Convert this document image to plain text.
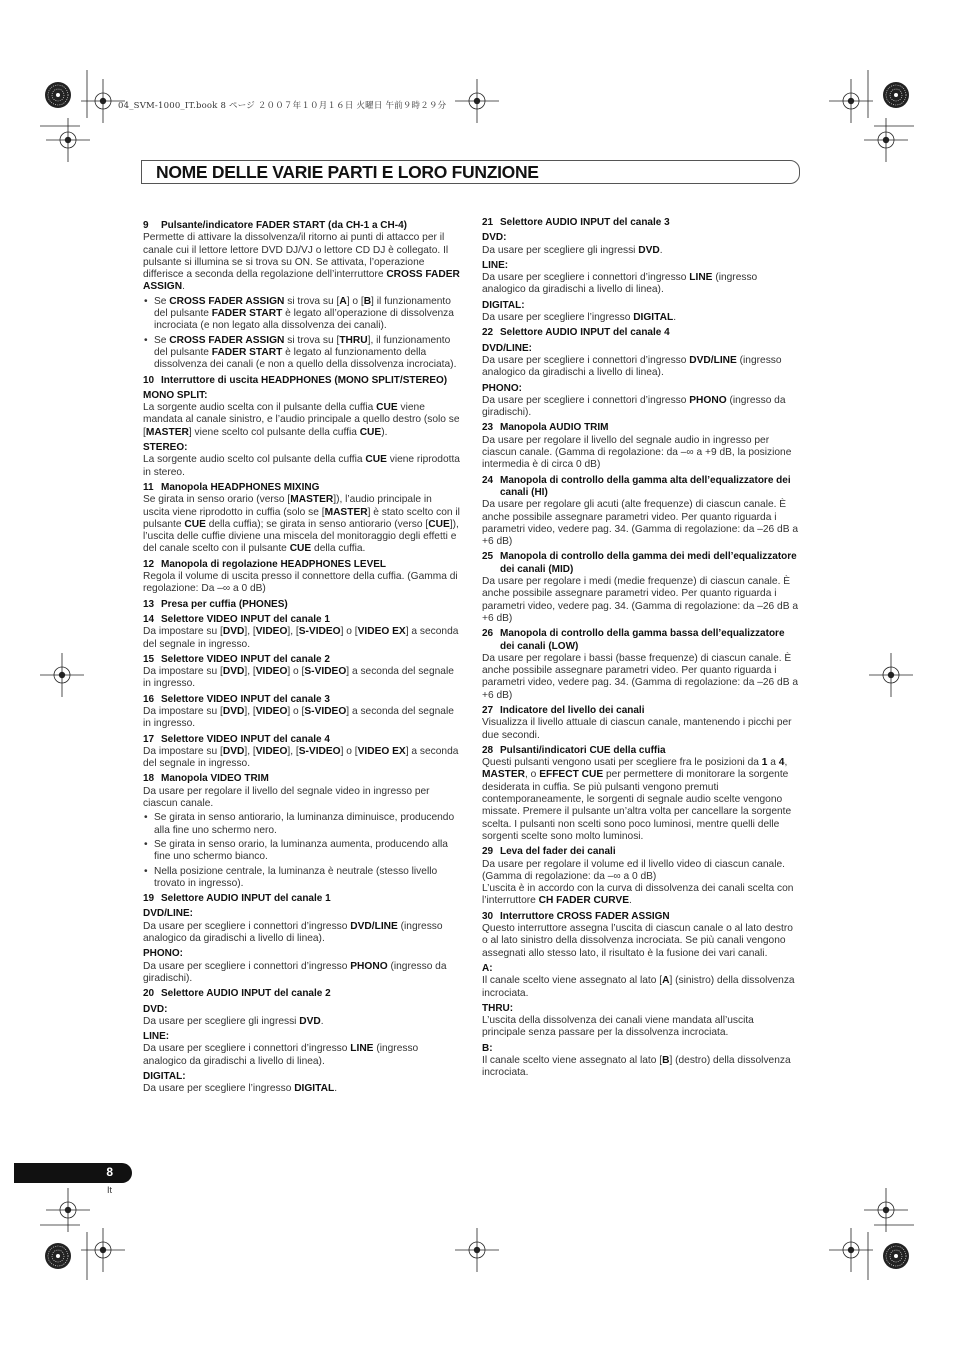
04_SVM-1000_IT.book 8 ページ ２００７年１０月１６日 火曜日 午前９時２９分
NOME DELLE VARIE PARTI E LORO FUNZIONE
9 Pulsante/indicatore FADER START (da CH-1 a CH-4)

Permette di attivare la dissolvenza/il ritorno ai punti di attacco per il canale cui il lettore lettore DVD DJ/VJ o lettore CD DJ è collegato. Il pulsante si illumina se si trova su ON. Se attivata, l’operazione differisce a seconda della regolazione dell’interruttore CROSS FADER ASSIGN.

• Se CROSS FADER ASSIGN si trova su [A] o [B] il funzionamento del pulsante FADER START è legato all’operazione di dissolvenza incrociata (e non legato alla dissolvenza dei canali).
• Se CROSS FADER ASSIGN si trova su [THRU], il funzionamento del pulsante FADER START è legato al funzionamento della dissolvenza dei canali (e non a quello della dissolvenza incrociata).
10 Interruttore di uscita HEADPHONES (MONO SPLIT/STEREO)
MONO SPLIT:

La sorgente audio scelta con il pulsante della cuffia CUE viene mandata al canale sinistro, e l’audio principale a quello destro (solo se [MASTER] viene scelto col pulsante della cuffia CUE).

STEREO:

La sorgente audio scelto col pulsante della cuffia CUE viene riprodotta in stereo.

11 Manopola HEADPHONES MIXING

Se girata in senso orario (verso [MASTER]), l’audio principale in uscita viene riprodotto in cuffia (solo se [MASTER] è stato scelto con il pulsante CUE della cuffia); se girata in senso antiorario (verso [CUE]), l’uscita delle cuffie diviene una miscela del monitoraggio degli effetti e del canale scelto con il pulsante CUE della cuffia.

12 Manopola di regolazione HEADPHONES LEVEL

Regola il volume di uscita presso il connettore della cuffia. (Gamma di regolazione: Da –∞ a 0 dB)

13 Presa per cuffia (PHONES)
14 Selettore VIDEO INPUT del canale 1

Da impostare su [DVD], [VIDEO], [S-VIDEO] o [VIDEO EX] a seconda del segnale in ingresso.

15 Selettore VIDEO INPUT del canale 2

Da impostare su [DVD], [VIDEO] o [S-VIDEO] a seconda del segnale in ingresso.

16 Selettore VIDEO INPUT del canale 3

Da impostare su [DVD], [VIDEO] o [S-VIDEO] a seconda del segnale in ingresso.

17 Selettore VIDEO INPUT del canale 4

Da impostare su [DVD], [VIDEO], [S-VIDEO] o [VIDEO EX] a seconda del segnale in ingresso.

18 Manopola VIDEO TRIM

Da usare per regolare il livello del segnale video in ingresso per ciascun canale.

• Se girata in senso antiorario, la luminanza diminuisce, producendo alla fine uno schermo nero.
• Se girata in senso orario, la luminanza aumenta, producendo alla fine uno schermo bianco.
• Nella posizione centrale, la luminanza è neutrale (stesso livello trovato in ingresso).
19 Selettore AUDIO INPUT del canale 1
DVD/LINE:

Da usare per scegliere i connettori d’ingresso DVD/LINE (ingresso analogico da giradischi a livello di linea).

PHONO:

Da usare per scegliere i connettori d’ingresso PHONO (ingresso da giradischi).

20 Selettore AUDIO INPUT del canale 2
DVD:

Da usare per scegliere gli ingressi DVD.

LINE:

Da usare per scegliere i connettori d’ingresso LINE (ingresso analogico da giradischi a livello di linea).

DIGITAL:

Da usare per scegliere l’ingresso DIGITAL.

21 Selettore AUDIO INPUT del canale 3
DVD:

Da usare per scegliere gli ingressi DVD.

LINE:

Da usare per scegliere i connettori d’ingresso LINE (ingresso analogico da giradischi a livello di linea).

DIGITAL:

Da usare per scegliere l’ingresso DIGITAL.

22 Selettore AUDIO INPUT del canale 4
DVD/LINE:

Da usare per scegliere i connettori d’ingresso DVD/LINE (ingresso analogico da giradischi a livello di linea).

PHONO:

Da usare per scegliere i connettori d’ingresso PHONO (ingresso da giradischi).

23 Manopola AUDIO TRIM

Da usare per regolare il livello del segnale audio in ingresso per ciascun canale. (Gamma di regolazione: da –∞ a +9 dB, la posizione intermedia è di circa 0 dB)

24 Manopola di controllo della gamma alta dell’equalizzatore dei canali (HI)

Da usare per regolare gli acuti (alte frequenze) di ciascun canale. È anche possibile assegnare parametri video. Per quanto riguarda i parametri video, vedere pag. 34. (Gamma di regolazione: da –26 dB a +6 dB)

25 Manopola di controllo della gamma dei medi dell’equalizzatore dei canali (MID)

Da usare per regolare i medi (medie frequenze) di ciascun canale. È anche possibile assegnare parametri video. Per quanto riguarda i parametri video, vedere pag. 34. (Gamma di regolazione: da –26 dB a +6 dB)

26 Manopola di controllo della gamma bassa dell’equalizzatore dei canali (LOW)

Da usare per regolare i bassi (basse frequenze) di ciascun canale. È anche possibile assegnare parametri video. Per quanto riguarda i parametri video, vedere pag. 34. (Gamma di regolazione: da –26 dB a +6 dB)

27 Indicatore del livello dei canali

Visualizza il livello attuale di ciascun canale, mantenendo i picchi per due secondi.

28 Pulsanti/indicatori CUE della cuffia

Questi pulsanti vengono usati per scegliere fra le posizioni da 1 a 4, MASTER, o EFFECT CUE per permettere di monitorare la sorgente desiderata in cuffia. Se più pulsanti vengono premuti contemporaneamente, le sorgenti di segnale audio scelte vengono missate. Premere il pulsante un’altra volta per cancellare la sorgente scelta. I pulsanti non scelti sono poco luminosi, mentre quelli delle sorgenti scelte sono molto luminosi.

29 Leva del fader dei canali

Da usare per regolare il volume ed il livello video di ciascun canale. (Gamma di regolazione: da –∞ a 0 dB)

L’uscita è in accordo con la curva di dissolvenza dei canali scelta con l’interruttore CH FADER CURVE.

30 Interruttore CROSS FADER ASSIGN

Questo interruttore assegna l’uscita di ciascun canale o al lato destro o al lato sinistro della dissolvenza incrociata. Se più canali vengono assegnati allo stesso lato, il risultato è la fusione dei vari canali.

A:

Il canale scelto viene assegnato al lato [A] (sinistro) della dissolvenza incrociata.

THRU:

L’uscita della dissolvenza dei canali viene mandata all’uscita principale senza passare per la dissolvenza incrociata.

B:

Il canale scelto viene assegnato al lato [B] (destro) della dissolvenza incrociata.

8
It
